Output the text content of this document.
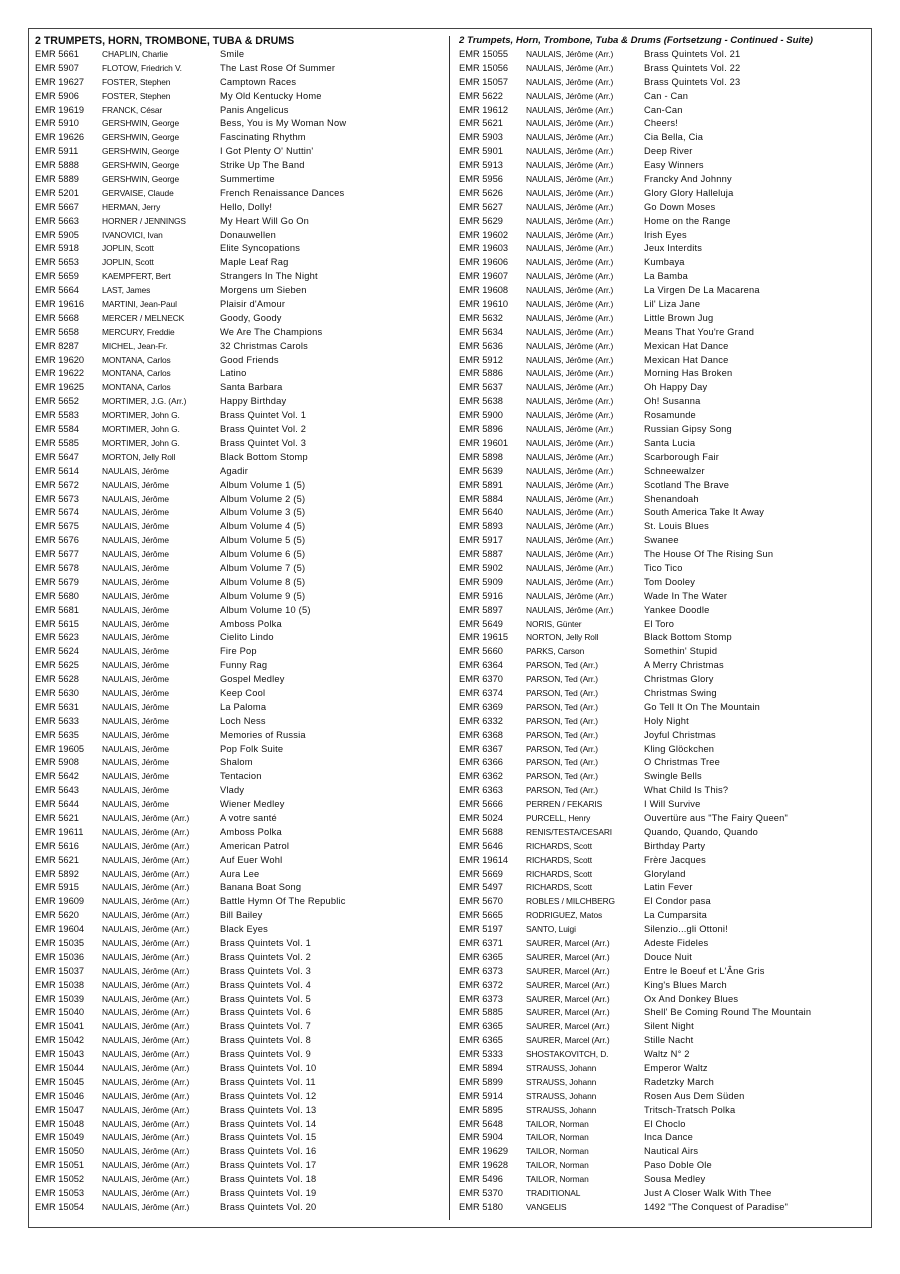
2 TRUMPETS, HORN, TROMBONE, TUBA & DRUMS
EMR 5661	CHAPLIN, Charlie	Smile
EMR 5907	FLOTOW, Friedrich V.	The Last Rose Of Summer
EMR 19627	FOSTER, Stephen	Camptown Races
EMR 5906	FOSTER, Stephen	My Old Kentucky Home
EMR 19619	FRANCK, César	Panis Angelicus
EMR 5910	GERSHWIN, George	Bess, You is My Woman Now
EMR 19626	GERSHWIN, George	Fascinating Rhythm
EMR 5911	GERSHWIN, George	I Got Plenty O' Nuttin'
EMR 5888	GERSHWIN, George	Strike Up The Band
EMR 5889	GERSHWIN, George	Summertime
EMR 5201	GERVAISE, Claude	French Renaissance Dances
EMR 5667	HERMAN, Jerry	Hello, Dolly!
EMR 5663	HORNER / JENNINGS	My Heart Will Go On
EMR 5905	IVANOVICI, Ivan	Donauwellen
EMR 5918	JOPLIN, Scott	Elite Syncopations
EMR 5653	JOPLIN, Scott	Maple Leaf Rag
EMR 5659	KAEMPFERT, Bert	Strangers In The Night
EMR 5664	LAST, James	Morgens um Sieben
EMR 19616	MARTINI, Jean-Paul	Plaisir d'Amour
EMR 5668	MERCER / MELNECK	Goody, Goody
EMR 5658	MERCURY, Freddie	We Are The Champions
EMR 8287	MICHEL, Jean-Fr.	32 Christmas Carols
EMR 19620	MONTANA, Carlos	Good Friends
EMR 19622	MONTANA, Carlos	Latino
EMR 19625	MONTANA, Carlos	Santa Barbara
EMR 5652	MORTIMER, J.G. (Arr.)	Happy Birthday
EMR 5583	MORTIMER, John G.	Brass Quintet Vol. 1
EMR 5584	MORTIMER, John G.	Brass Quintet Vol. 2
EMR 5585	MORTIMER, John G.	Brass Quintet Vol. 3
EMR 5647	MORTON, Jelly Roll	Black Bottom Stomp
EMR 5614	NAULAIS, Jérôme	Agadir
EMR 5672	NAULAIS, Jérôme	Album Volume 1 (5)
EMR 5673	NAULAIS, Jérôme	Album Volume 2 (5)
EMR 5674	NAULAIS, Jérôme	Album Volume 3 (5)
EMR 5675	NAULAIS, Jérôme	Album Volume 4 (5)
EMR 5676	NAULAIS, Jérôme	Album Volume 5 (5)
EMR 5677	NAULAIS, Jérôme	Album Volume 6 (5)
EMR 5678	NAULAIS, Jérôme	Album Volume 7 (5)
EMR 5679	NAULAIS, Jérôme	Album Volume 8 (5)
EMR 5680	NAULAIS, Jérôme	Album Volume 9 (5)
EMR 5681	NAULAIS, Jérôme	Album Volume 10 (5)
EMR 5615	NAULAIS, Jérôme	Amboss Polka
EMR 5623	NAULAIS, Jérôme	Cielito Lindo
EMR 5624	NAULAIS, Jérôme	Fire Pop
EMR 5625	NAULAIS, Jérôme	Funny Rag
EMR 5628	NAULAIS, Jérôme	Gospel Medley
EMR 5630	NAULAIS, Jérôme	Keep Cool
EMR 5631	NAULAIS, Jérôme	La Paloma
EMR 5633	NAULAIS, Jérôme	Loch Ness
EMR 5635	NAULAIS, Jérôme	Memories of Russia
EMR 19605	NAULAIS, Jérôme	Pop Folk Suite
EMR 5908	NAULAIS, Jérôme	Shalom
EMR 5642	NAULAIS, Jérôme	Tentacion
EMR 5643	NAULAIS, Jérôme	Vlady
EMR 5644	NAULAIS, Jérôme	Wiener Medley
EMR 5621	NAULAIS, Jérôme (Arr.)	A votre santé
EMR 19611	NAULAIS, Jérôme (Arr.)	Amboss Polka
EMR 5616	NAULAIS, Jérôme (Arr.)	American Patrol
EMR 5621	NAULAIS, Jérôme (Arr.)	Auf Euer Wohl
EMR 5892	NAULAIS, Jérôme (Arr.)	Aura Lee
EMR 5915	NAULAIS, Jérôme (Arr.)	Banana Boat Song
EMR 19609	NAULAIS, Jérôme (Arr.)	Battle Hymn Of The Republic
EMR 5620	NAULAIS, Jérôme (Arr.)	Bill Bailey
EMR 19604	NAULAIS, Jérôme (Arr.)	Black Eyes
EMR 15035	NAULAIS, Jérôme (Arr.)	Brass Quintets Vol. 1
EMR 15036	NAULAIS, Jérôme (Arr.)	Brass Quintets Vol. 2
EMR 15037	NAULAIS, Jérôme (Arr.)	Brass Quintets Vol. 3
EMR 15038	NAULAIS, Jérôme (Arr.)	Brass Quintets Vol. 4
EMR 15039	NAULAIS, Jérôme (Arr.)	Brass Quintets Vol. 5
EMR 15040	NAULAIS, Jérôme (Arr.)	Brass Quintets Vol. 6
EMR 15041	NAULAIS, Jérôme (Arr.)	Brass Quintets Vol. 7
EMR 15042	NAULAIS, Jérôme (Arr.)	Brass Quintets Vol. 8
EMR 15043	NAULAIS, Jérôme (Arr.)	Brass Quintets Vol. 9
EMR 15044	NAULAIS, Jérôme (Arr.)	Brass Quintets Vol. 10
EMR 15045	NAULAIS, Jérôme (Arr.)	Brass Quintets Vol. 11
EMR 15046	NAULAIS, Jérôme (Arr.)	Brass Quintets Vol. 12
EMR 15047	NAULAIS, Jérôme (Arr.)	Brass Quintets Vol. 13
EMR 15048	NAULAIS, Jérôme (Arr.)	Brass Quintets Vol. 14
EMR 15049	NAULAIS, Jérôme (Arr.)	Brass Quintets Vol. 15
EMR 15050	NAULAIS, Jérôme (Arr.)	Brass Quintets Vol. 16
EMR 15051	NAULAIS, Jérôme (Arr.)	Brass Quintets Vol. 17
EMR 15052	NAULAIS, Jérôme (Arr.)	Brass Quintets Vol. 18
EMR 15053	NAULAIS, Jérôme (Arr.)	Brass Quintets Vol. 19
EMR 15054	NAULAIS, Jérôme (Arr.)	Brass Quintets Vol. 20
2 Trumpets, Horn, Trombone, Tuba & Drums (Fortsetzung - Continued - Suite)
EMR 15055	NAULAIS, Jérôme (Arr.)	Brass Quintets Vol. 21
EMR 15056	NAULAIS, Jérôme (Arr.)	Brass Quintets Vol. 22
EMR 15057	NAULAIS, Jérôme (Arr.)	Brass Quintets Vol. 23
EMR 5622	NAULAIS, Jérôme (Arr.)	Can - Can
EMR 19612	NAULAIS, Jérôme (Arr.)	Can-Can
EMR 5621	NAULAIS, Jérôme (Arr.)	Cheers!
EMR 5903	NAULAIS, Jérôme (Arr.)	Cia Bella, Cia
EMR 5901	NAULAIS, Jérôme (Arr.)	Deep River
EMR 5913	NAULAIS, Jérôme (Arr.)	Easy Winners
EMR 5956	NAULAIS, Jérôme (Arr.)	Francky And Johnny
EMR 5626	NAULAIS, Jérôme (Arr.)	Glory Glory Halleluja
EMR 5627	NAULAIS, Jérôme (Arr.)	Go Down Moses
EMR 5629	NAULAIS, Jérôme (Arr.)	Home on the Range
EMR 19602	NAULAIS, Jérôme (Arr.)	Irish Eyes
EMR 19603	NAULAIS, Jérôme (Arr.)	Jeux Interdits
EMR 19606	NAULAIS, Jérôme (Arr.)	Kumbaya
EMR 19607	NAULAIS, Jérôme (Arr.)	La Bamba
EMR 19608	NAULAIS, Jérôme (Arr.)	La Virgen De La Macarena
EMR 19610	NAULAIS, Jérôme (Arr.)	Lil' Liza Jane
EMR 5632	NAULAIS, Jérôme (Arr.)	Little Brown Jug
EMR 5634	NAULAIS, Jérôme (Arr.)	Means That You're Grand
EMR 5636	NAULAIS, Jérôme (Arr.)	Mexican Hat Dance
EMR 5912	NAULAIS, Jérôme (Arr.)	Mexican Hat Dance
EMR 5886	NAULAIS, Jérôme (Arr.)	Morning Has Broken
EMR 5637	NAULAIS, Jérôme (Arr.)	Oh Happy Day
EMR 5638	NAULAIS, Jérôme (Arr.)	Oh! Susanna
EMR 5900	NAULAIS, Jérôme (Arr.)	Rosamunde
EMR 5896	NAULAIS, Jérôme (Arr.)	Russian Gipsy Song
EMR 19601	NAULAIS, Jérôme (Arr.)	Santa Lucia
EMR 5898	NAULAIS, Jérôme (Arr.)	Scarborough Fair
EMR 5639	NAULAIS, Jérôme (Arr.)	Schneewalzer
EMR 5891	NAULAIS, Jérôme (Arr.)	Scotland The Brave
EMR 5884	NAULAIS, Jérôme (Arr.)	Shenandoah
EMR 5640	NAULAIS, Jérôme (Arr.)	South America Take It Away
EMR 5893	NAULAIS, Jérôme (Arr.)	St. Louis Blues
EMR 5917	NAULAIS, Jérôme (Arr.)	Swanee
EMR 5887	NAULAIS, Jérôme (Arr.)	The House Of The Rising Sun
EMR 5902	NAULAIS, Jérôme (Arr.)	Tico Tico
EMR 5909	NAULAIS, Jérôme (Arr.)	Tom Dooley
EMR 5916	NAULAIS, Jérôme (Arr.)	Wade In The Water
EMR 5897	NAULAIS, Jérôme (Arr.)	Yankee Doodle
EMR 5649	NORIS, Günter	El Toro
EMR 19615	NORTON, Jelly Roll	Black Bottom Stomp
EMR 5660	PARKS, Carson	Somethin' Stupid
EMR 6364	PARSON, Ted (Arr.)	A Merry Christmas
EMR 6370	PARSON, Ted (Arr.)	Christmas Glory
EMR 6374	PARSON, Ted (Arr.)	Christmas Swing
EMR 6369	PARSON, Ted (Arr.)	Go Tell It On The Mountain
EMR 6332	PARSON, Ted (Arr.)	Holy Night
EMR 6368	PARSON, Ted (Arr.)	Joyful Christmas
EMR 6367	PARSON, Ted (Arr.)	Kling Glöckchen
EMR 6366	PARSON, Ted (Arr.)	O Christmas Tree
EMR 6362	PARSON, Ted (Arr.)	Swingle Bells
EMR 6363	PARSON, Ted (Arr.)	What Child Is This?
EMR 5666	PERREN / FEKARIS	I Will Survive
EMR 5024	PURCELL, Henry	Ouvertüre aus "The Fairy Queen"
EMR 5688	RENIS/TESTA/CESARI	Quando, Quando, Quando
EMR 5646	RICHARDS, Scott	Birthday Party
EMR 19614	RICHARDS, Scott	Frère Jacques
EMR 5669	RICHARDS, Scott	Gloryland
EMR 5497	RICHARDS, Scott	Latin Fever
EMR 5670	ROBLES / MILCHBERG	El Condor pasa
EMR 5665	RODRIGUEZ, Matos	La Cumparsita
EMR 5197	SANTO, Luigi	Silenzio...gli Ottoni!
EMR 6371	SAURER, Marcel (Arr.)	Adeste Fideles
EMR 6365	SAURER, Marcel (Arr.)	Douce Nuit
EMR 6373	SAURER, Marcel (Arr.)	Entre le Boeuf et L'Âne Gris
EMR 6372	SAURER, Marcel (Arr.)	King's Blues March
EMR 6373	SAURER, Marcel (Arr.)	Ox And Donkey Blues
EMR 5885	SAURER, Marcel (Arr.)	Shell' Be Coming Round The Mountain
EMR 6365	SAURER, Marcel (Arr.)	Silent Night
EMR 6365	SAURER, Marcel (Arr.)	Stille Nacht
EMR 5333	SHOSTAKOVITCH, D.	Waltz N° 2
EMR 5894	STRAUSS, Johann	Emperor Waltz
EMR 5899	STRAUSS, Johann	Radetzky March
EMR 5914	STRAUSS, Johann	Rosen Aus Dem Süden
EMR 5895	STRAUSS, Johann	Tritsch-Tratsch Polka
EMR 5648	TAILOR, Norman	El Choclo
EMR 5904	TAILOR, Norman	Inca Dance
EMR 19629	TAILOR, Norman	Nautical Airs
EMR 19628	TAILOR, Norman	Paso Doble Ole
EMR 5496	TAILOR, Norman	Sousa Medley
EMR 5370	TRADITIONAL	Just A Closer Walk With Thee
EMR 5180	VANGELIS	1492 "The Conquest of Paradise"
